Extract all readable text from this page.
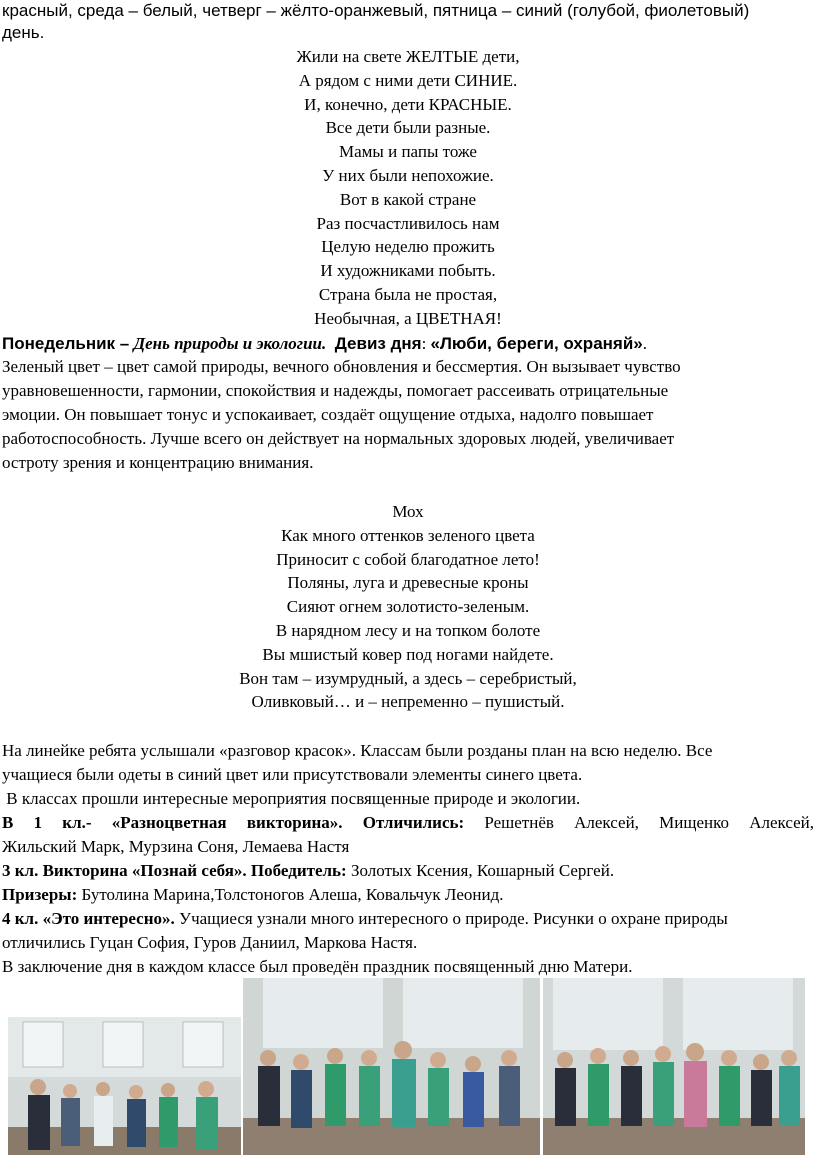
красный, среда – белый, четверг – жёлто-оранжевый, пятница – синий (голубой, фиолетовый)
день.
Жили на свете ЖЕЛТЫЕ дети,
А рядом с ними дети СИНИЕ.
И, конечно, дети КРАСНЫЕ.
Все дети были разные.
Мамы и папы тоже
У них были непохожие.
Вот в какой стране
Раз посчастливилось нам
Целую неделю прожить
И художниками побыть.
Страна была не простая,
Необычная, а ЦВЕТНАЯ!
Понедельник – День природы и экологии. Девиз дня: «Люби, береги, охраняй».
Зеленый цвет – цвет самой природы, вечного обновления и бессмертия. Он вызывает чувство
уравновешенности, гармонии, спокойствия и надежды, помогает рассеивать отрицательные
эмоции. Он повышает тонус и успокаивает, создаёт ощущение отдыха, надолго повышает
работоспособность. Лучше всего он действует на нормальных здоровых людей, увеличивает
остроту зрения и концентрацию внимания.
Мох
Как много оттенков зеленого цвета
Приносит с собой благодатное лето!
Поляны, луга и древесные кроны
Сияют огнем золотисто-зеленым.
В нарядном лесу и на топком болоте
Вы мшистый ковер под ногами найдете.
Вон там – изумрудный, а здесь – серебристый,
Оливковый… и – непременно – пушистый.
На линейке ребята услышали «разговор красок». Классам были розданы план на всю неделю. Все
учащиеся были одеты в синий цвет или присутствовали элементы синего цвета.
В классах прошли интересные мероприятия посвященные природе и экологии.
В 1 кл.- «Разноцветная викторина». Отличились: Решетнёв Алексей, Мищенко Алексей,
Жильский Марк, Мурзина Соня, Лемаева Настя
3 кл. Викторина «Познай себя». Победитель: Золотых Ксения, Кошарный Сергей.
Призеры: Бутолина Марина,Толстоногов Алеша, Ковальчук Леонид.
4 кл. «Это интересно». Учащиеся узнали много интересного о природе. Рисунки о охране природы
отличились Гуцан София, Гуров Даниил, Маркова Настя.
В заключение дня в каждом классе был проведён праздник посвященный дню Матери.
